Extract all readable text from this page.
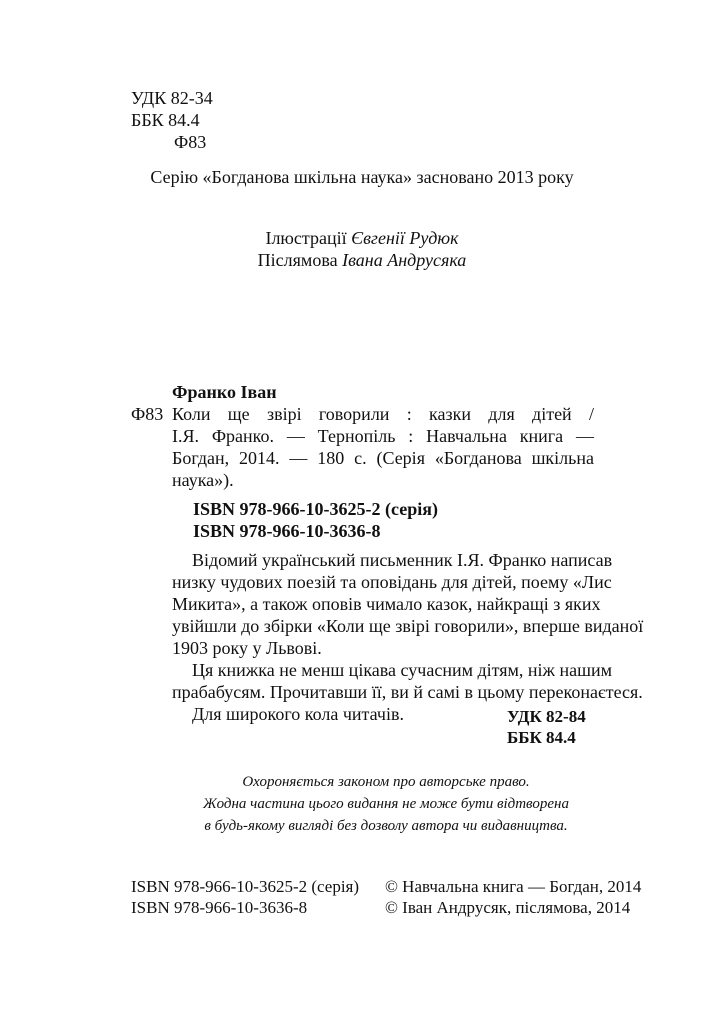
УДК 82-34
ББК 84.4
Ф83
Серію «Богданова шкільна наука» засновано 2013 року
Ілюстрації Євгенії Рудюк
Післямова Івана Андрусяка
Франко Іван
Ф83 Коли ще звірі говорили : казки для дітей /
І.Я. Франко. — Тернопіль : Навчальна книга —
Богдан, 2014. — 180 с. (Серія «Богданова шкільна
наука»).
ISBN 978-966-10-3625-2 (серія)
ISBN 978-966-10-3636-8
Відомий український письменник І.Я. Франко написав
низку чудових поезій та оповідань для дітей, поему «Лис
Микита», а також оповів чимало казок, найкращі з яких
увійшли до збірки «Коли ще звірі говорили», вперше виданої
1903 року у Львові.
Ця книжка не менш цікава сучасним дітям, ніж нашим
прабабусям. Прочитавши її, ви й самі в цьому переконаєтеся.
Для широкого кола читачів.	УДК 82-84
ББК 84.4
Охороняється законом про авторське право.
Жодна частина цього видання не може бути відтворена
в будь-якому вигляді без дозволу автора чи видавництва.
ISBN 978-966-10-3625-2 (серія)
ISBN 978-966-10-3636-8
© Навчальна книга — Богдан, 2014
© Іван Андрусяк, післямова, 2014
